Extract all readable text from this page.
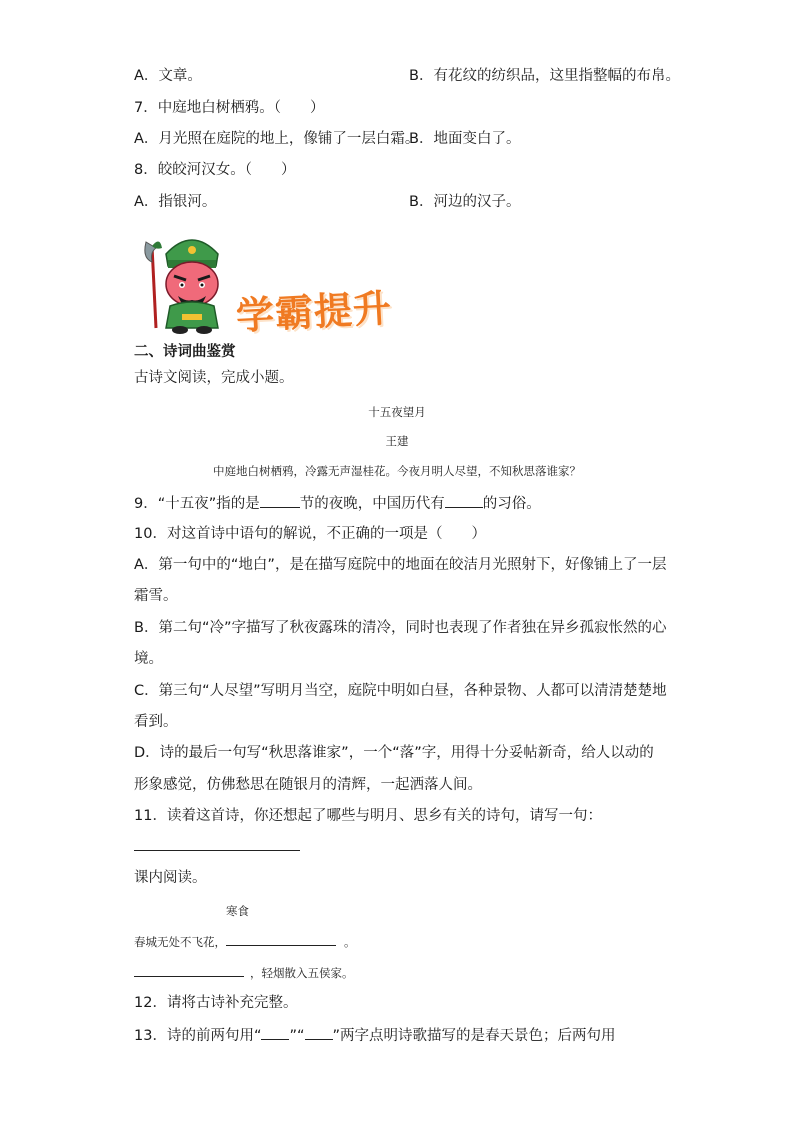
A．文章。	B．有花纹的纺织品，这里指整幅的布帛。
7．中庭地白树栖鸦。（　　）
A．月光照在庭院的地上，像铺了一层白霜。
B．地面变白了。
8．皎皎河汉女。（　　）
A．指银河。	B．河边的汉子。
学霸提升
二、诗词曲鉴赏
古诗文阅读，完成小题。
十五夜望月
王建
中庭地白树栖鸦，冷露无声湿桂花。今夜月明人尽望，不知秋思落谁家？
9．“十五夜”指的是	节的夜晚，中国历代有	的习俗。
10．对这首诗中语句的解说，不正确的一项是（　　）
A．第一句中的“地白”，是在描写庭院中的地面在皎洁月光照射下，好像铺上了一层
霜雪。
B．第二句“冷”字描写了秋夜露珠的清冷，同时也表现了作者独在异乡孤寂怅然的心
境。
C．第三句“人尽望”写明月当空，庭院中明如白昼，各种景物、人都可以清清楚楚地
看到。
D．诗的最后一句写“秋思落谁家”，一个“落”字，用得十分妥帖新奇，给人以动的
形象感觉，仿佛愁思在随银月的清辉，一起洒落人间。
11．读着这首诗，你还想起了哪些与明月、思乡有关的诗句，请写一句：
课内阅读。
寒食
春城无处不飞花，	。
，轻烟散入五侯家。
12．请将古诗补充完整。
13．诗的前两句用“ ”“ ”两字点明诗歌描写的是春天景色；后两句用
